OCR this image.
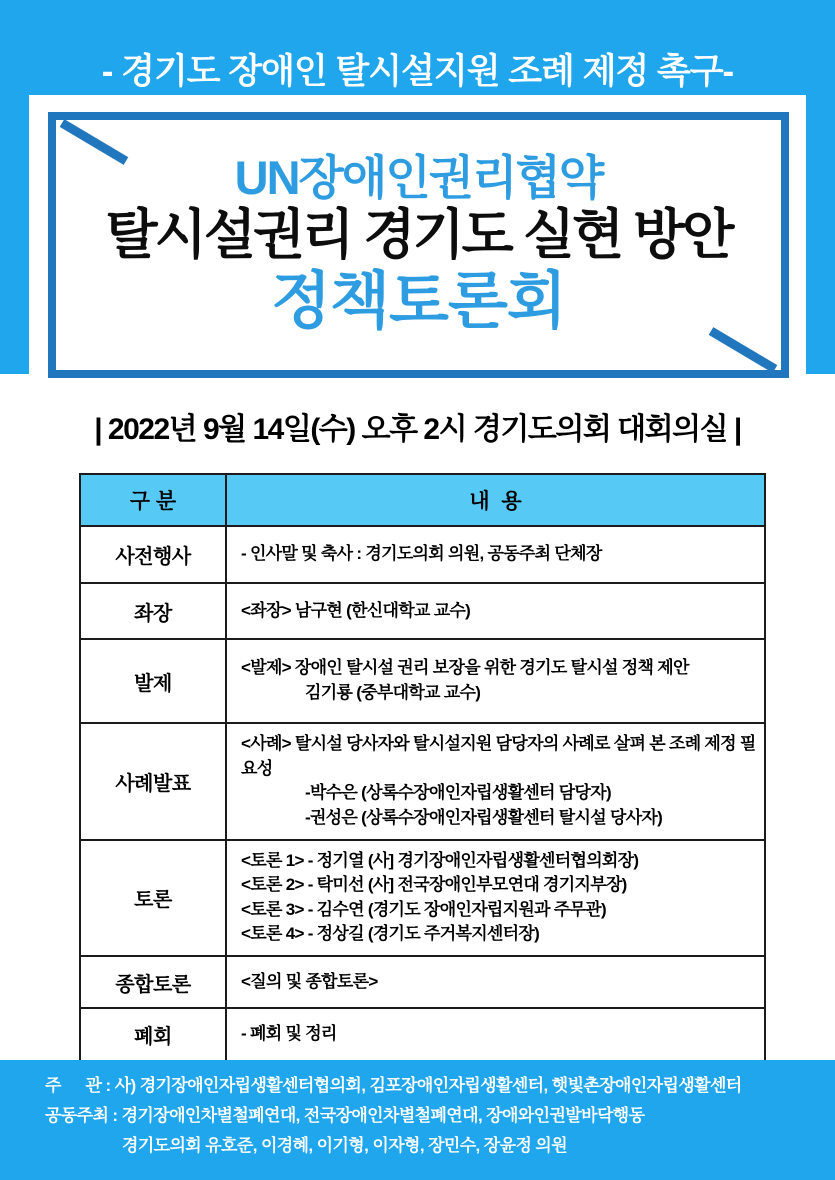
- 경기도 장애인 탈시설지원 조례 제정 촉구-
UN장애인권리협약
탈시설권리 경기도 실현 방안
정책토론회
| 2022년 9월 14일(수) 오후 2시 경기도의회 대회의실 |
구 분	내  용
사전행사	- 인사말 및 축사 : 경기도의회 의원, 공동주최 단체장

좌장	<좌장> 남구현 (한신대학교 교수)

발제	<발제> 장애인 탈시설 권리 보장을 위한 경기도 탈시설 정책 제안
김기룡 (중부대학교 교수)

사례발표	<사례> 탈시설 당사자와 탈시설지원 담당자의 사례로 살펴 본 조례 제정 필요성
-박수은 (상록수장애인자립생활센터 담당자)
-권성은 (상록수장애인자립생활센터 탈시설 당사자)

토론	<토론 1> - 정기열 (사] 경기장애인자립생활센터협의회장)
<토론 2> - 탁미선 (사] 전국장애인부모연대 경기지부장)
<토론 3> - 김수연 (경기도 장애인자립지원과 주무관)
<토론 4> - 정상길 (경기도 주거복지센터장)

종합토론	<질의 및 종합토론>

폐회	- 폐회 및 정리
주      관 : 사) 경기장애인자립생활센터협의회, 김포장애인자립생활센터, 햇빛촌장애인자립생활센터
공동주최 : 경기장애인차별철폐연대, 전국장애인차별철폐연대, 장애와인권발바닥행동
경기도의회 유호준, 이경혜, 이기형, 이자형, 장민수, 장윤정 의원
